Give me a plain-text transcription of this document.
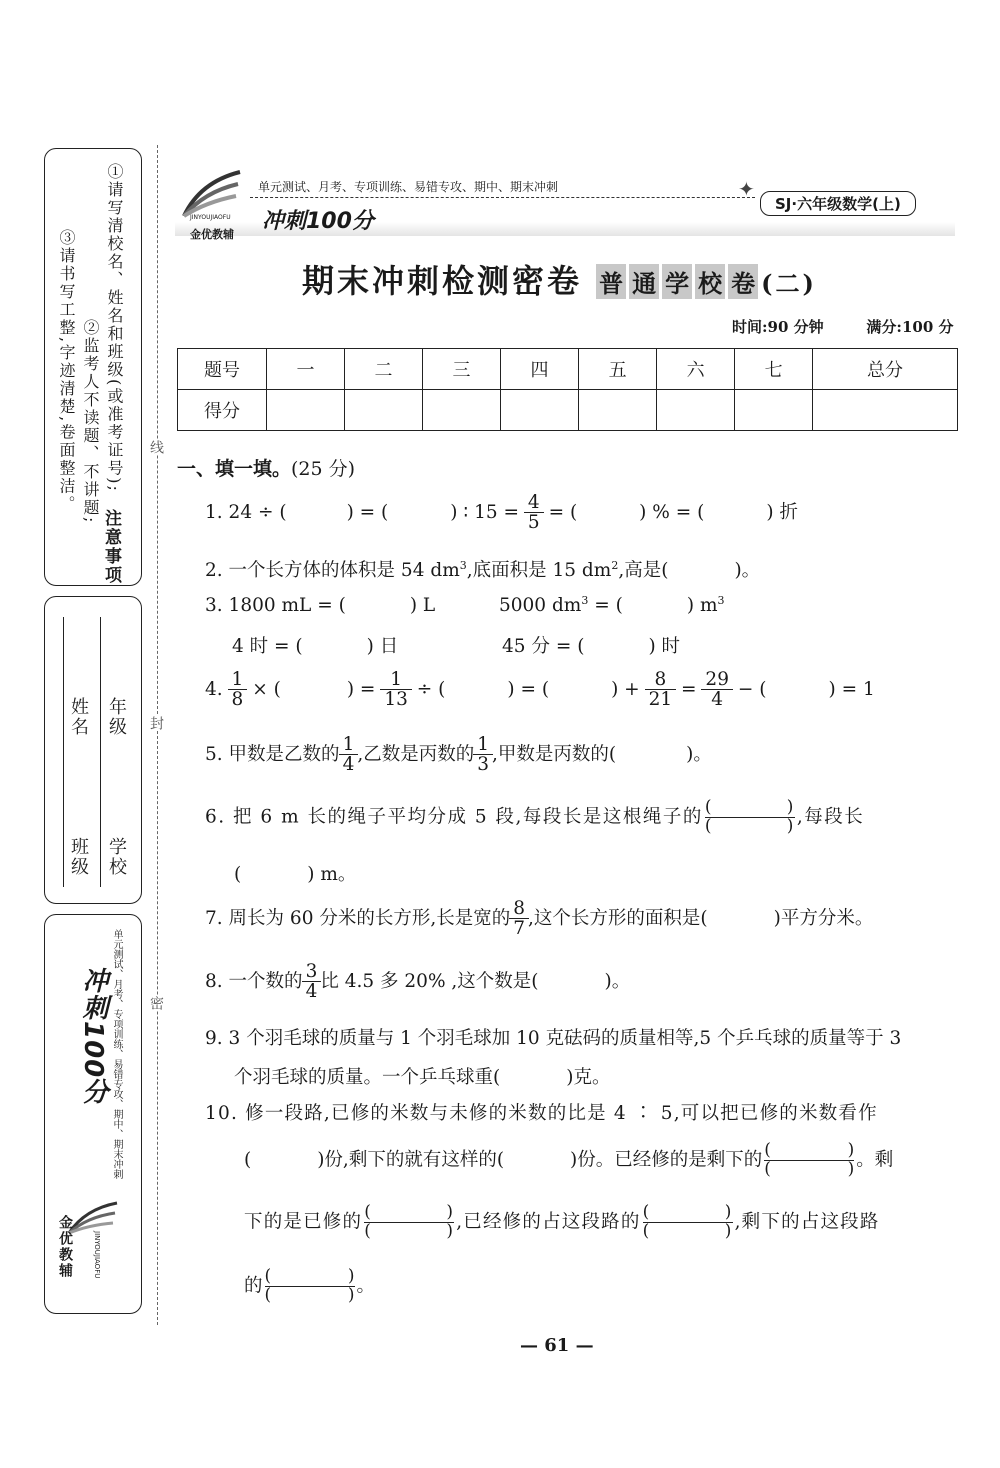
注意事项
①请写清校名、姓名和班级(或准考证号);
②监考人不读题、不讲题;
③请书写工整,字迹清楚,卷面整洁。
学校
年级
班级
姓名
单元测试、月考、专项训练、易错专攻、期中、期末冲刺
冲刺100分
金优教辅	JINYOUJIAOFU
线
封
密
金优教辅
JINYOUJIAOFU
单元测试、月考、专项训练、易错专攻、期中、期末冲刺
冲刺100分
✦
SJ·六年级数学(上)
期末冲刺检测密卷 普 通 学 校 卷 (二)
时间:90 分钟	满分:100 分
题号	一	二	三	四	五	六	七	总分
得分								
一、填一填。(25 分)
1. 24 ÷ (	) = (	) ∶ $15 = \frac{4}{5}$ = (	) % = (	) 折
2. 一个长方体的体积是 54 $dm^3$,底面积是 15 $dm^2$,高是(	)。
3. 1800 mL = (	) L	5000 $dm^3$ = (	) $m^3$
4 时 = (	) 日	45 分 = (	) 时
4. $\frac{1}{8}$ × (	) = $\frac{1}{13}$ ÷ (	) = (	) + $\frac{8}{21} = \frac{29}{4}$ − (	) = 1
5. 甲数是乙数的 $\frac{1}{4}$ ,乙数是丙数的 $\frac{1}{3}$ ,甲数是丙数的(	)。
6. 把 6 m 长的绳子平均分成 5 段,每段长是这根绳子的 (	)
(	) ,每段长
(	) m。
7. 周长为 60 分米的长方形,长是宽的 $\frac{8}{7}$ ,这个长方形的面积是(	)平方分米。
8. 一个数的 $\frac{3}{4}$ 比 4.5 多 20% ,这个数是(	)。
9. 3 个羽毛球的质量与 1 个羽毛球加 10 克砝码的质量相等,5 个乒乓球的质量等于 3
个羽毛球的质量。一个乒乓球重(	)克。
10. 修一段路,已修的米数与未修的米数的比是 4 ∶ 5,可以把已修的米数看作
(	)份,剩下的就有这样的(	)份。已经修的是剩下的 (	)
(	) 。剩
下的是已修的 (	)
(	) ,已经修的占这段路的 (	)
(	) ,剩下的占这段路
的 (	)
(	) 。
— 61 —
